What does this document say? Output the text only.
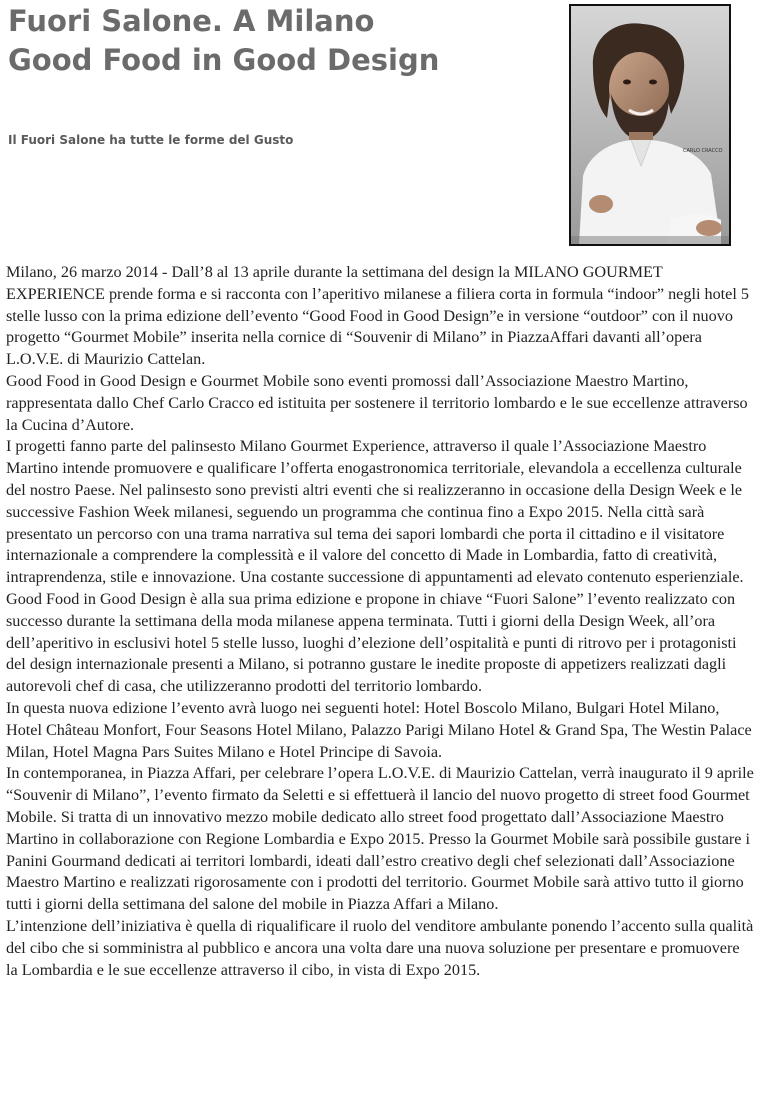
Fuori Salone. A Milano
Good Food in Good Design

Il Fuori Salone ha tutte le forme del Gusto

CARLO CRACCO

Milano, 26 marzo 2014 - Dall’8 al 13 aprile durante la settimana del design la MILANO GOURMET EXPERIENCE prende forma e si racconta con l’aperitivo milanese a filiera corta in formula “indoor” negli hotel 5 stelle lusso con la prima edizione dell’evento “Good Food in Good Design”e in versione “outdoor” con il nuovo progetto “Gourmet Mobile” inserita nella cornice di “Souvenir di Milano” in PiazzaAffari davanti all’opera L.O.V.E. di Maurizio Cattelan.

Good Food in Good Design e Gourmet Mobile sono eventi promossi dall’Associazione Maestro Martino, rappresentata dallo Chef Carlo Cracco ed istituita per sostenere il territorio lombardo e le sue eccellenze attraverso la Cucina d’Autore.

I progetti fanno parte del palinsesto Milano Gourmet Experience, attraverso il quale l’Associazione Maestro Martino intende promuovere e qualificare l’offerta enogastronomica territoriale, elevandola a eccellenza culturale del nostro Paese. Nel palinsesto sono previsti altri eventi che si realizzeranno in occasione della Design Week e le successive Fashion Week milanesi, seguendo un programma che continua fino a Expo 2015. Nella città sarà presentato un percorso con una trama narrativa sul tema dei sapori lombardi che porta il cittadino e il visitatore internazionale a comprendere la complessità e il valore del concetto di Made in Lombardia, fatto di creatività, intraprendenza, stile e innovazione. Una costante successione di appuntamenti ad elevato contenuto esperienziale.

Good Food in Good Design è alla sua prima edizione e propone in chiave “Fuori Salone” l’evento realizzato con successo durante la settimana della moda milanese appena terminata. Tutti i giorni della Design Week, all’ora dell’aperitivo in esclusivi hotel 5 stelle lusso, luoghi d’elezione dell’ospitalità e punti di ritrovo per i protagonisti del design internazionale presenti a Milano, si potranno gustare le inedite proposte di appetizers realizzati dagli autorevoli chef di casa, che utilizzeranno prodotti del territorio lombardo.

In questa nuova edizione l’evento avrà luogo nei seguenti hotel: Hotel Boscolo Milano, Bulgari Hotel Milano, Hotel Château Monfort, Four Seasons Hotel Milano, Palazzo Parigi Milano Hotel & Grand Spa, The Westin Palace Milan, Hotel Magna Pars Suites Milano e Hotel Principe di Savoia.

In contemporanea, in Piazza Affari, per celebrare l’opera L.O.V.E. di Maurizio Cattelan, verrà inaugurato il 9 aprile “Souvenir di Milano”, l’evento firmato da Seletti e si effettuerà il lancio del nuovo progetto di street food Gourmet Mobile. Si tratta di un innovativo mezzo mobile dedicato allo street food progettato dall’Associazione Maestro Martino in collaborazione con Regione Lombardia e Expo 2015. Presso la Gourmet Mobile sarà possibile gustare i Panini Gourmand dedicati ai territori lombardi, ideati dall’estro creativo degli chef selezionati dall’Associazione Maestro Martino e realizzati rigorosamente con i prodotti del territorio. Gourmet Mobile sarà attivo tutto il giorno tutti i giorni della settimana del salone del mobile in Piazza Affari a Milano.

L’intenzione dell’iniziativa è quella di riqualificare il ruolo del venditore ambulante ponendo l’accento sulla qualità del cibo che si somministra al pubblico e ancora una volta dare una nuova soluzione per presentare e promuovere la Lombardia e le sue eccellenze attraverso il cibo, in vista di Expo 2015.
